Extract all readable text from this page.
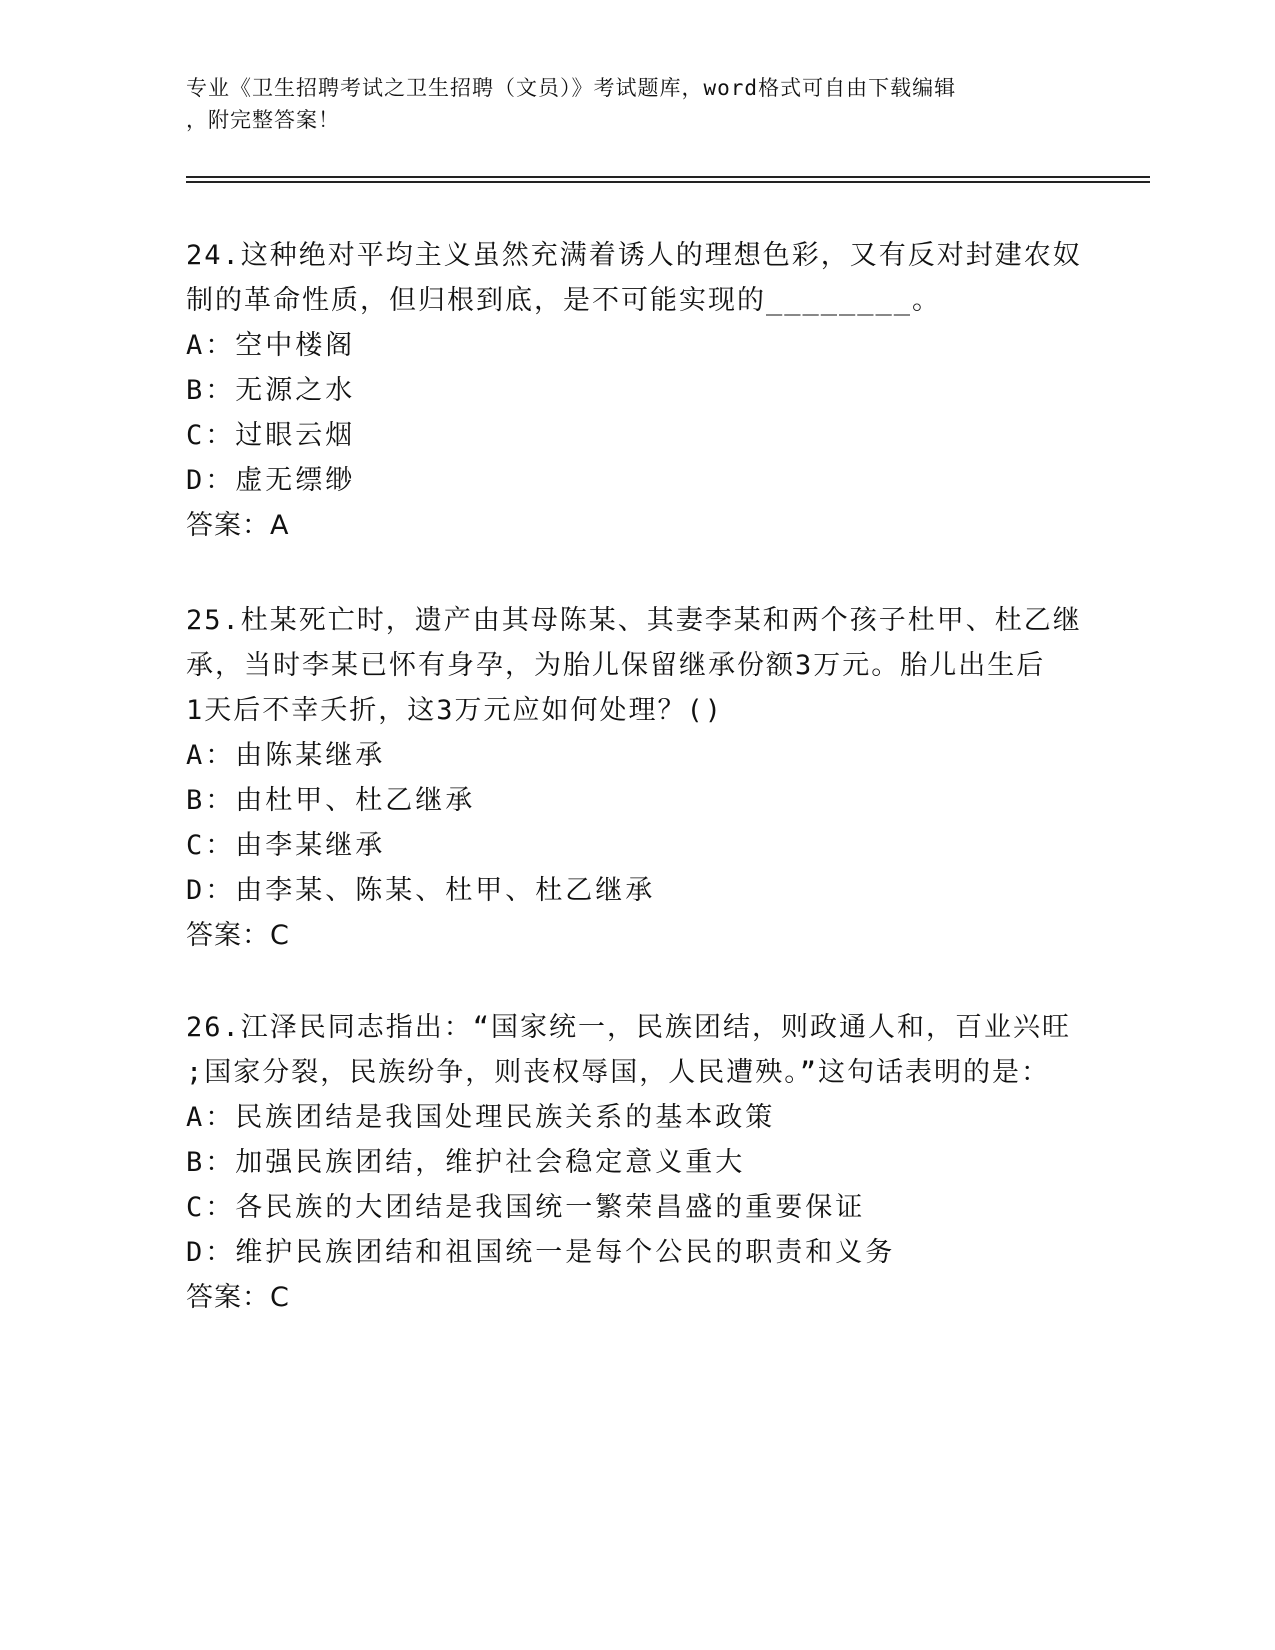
专业《卫生招聘考试之卫生招聘（文员）》考试题库，word格式可自由下载编辑
，附完整答案！
24.这种绝对平均主义虽然充满着诱人的理想色彩，又有反对封建农奴
制的革命性质，但归根到底，是不可能实现的________。
A：空中楼阁
B：无源之水
C：过眼云烟
D：虚无缥缈
答案：A
25.杜某死亡时，遗产由其母陈某、其妻李某和两个孩子杜甲、杜乙继
承，当时李某已怀有身孕，为胎儿保留继承份额3万元。胎儿出生后
1天后不幸夭折，这3万元应如何处理？()
A：由陈某继承
B：由杜甲、杜乙继承
C：由李某继承
D：由李某、陈某、杜甲、杜乙继承
答案：C
26.江泽民同志指出：“国家统一，民族团结，则政通人和，百业兴旺
;国家分裂，民族纷争，则丧权辱国，人民遭殃。”这句话表明的是：
A：民族团结是我国处理民族关系的基本政策
B：加强民族团结，维护社会稳定意义重大
C：各民族的大团结是我国统一繁荣昌盛的重要保证
D：维护民族团结和祖国统一是每个公民的职责和义务
答案：C
